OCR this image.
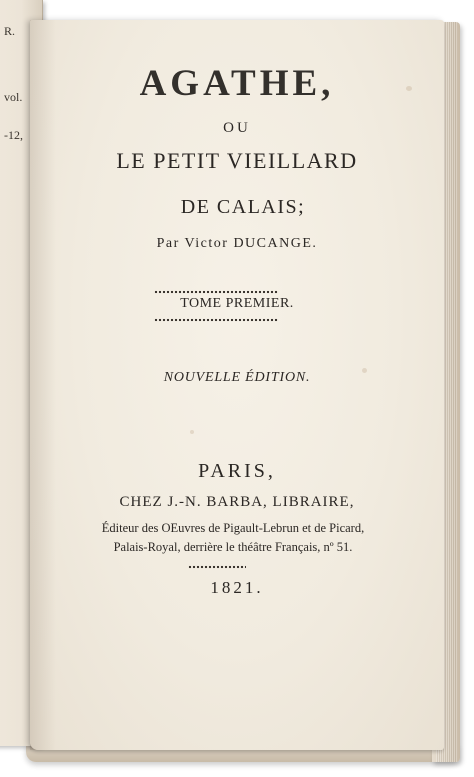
R.
vol.
-12,
AGATHE,
OU
LE PETIT VIEILLARD
DE CALAIS;
Par Victor DUCANGE.
TOME PREMIER.
NOUVELLE ÉDITION.
PARIS,
CHEZ J.-N. BARBA, LIBRAIRE,
Éditeur des OEuvres de Pigault-Lebrun et de Picard,
Palais-Royal, derrière le théâtre Français, nº 51.
1821.
